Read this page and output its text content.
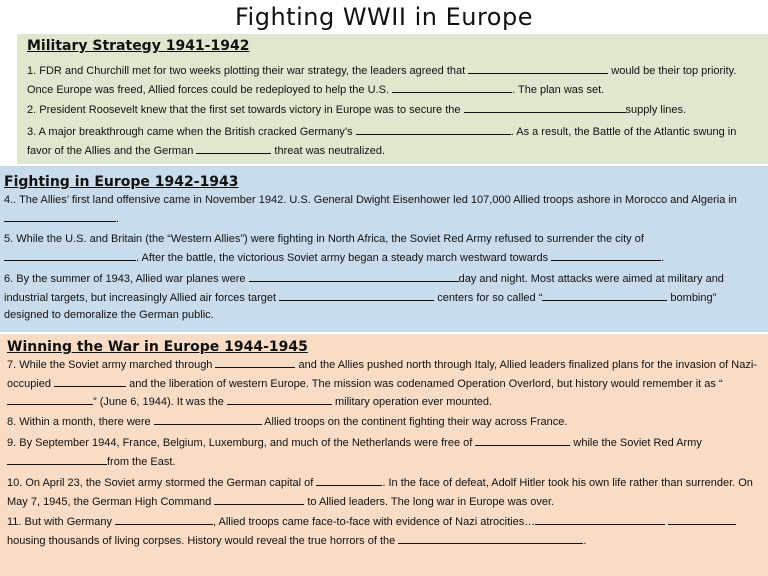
Fighting WWII in Europe
Military Strategy 1941-1942
Fighting in Europe 1942-1943
Winning the War in Europe 1944-1945

1. FDR and Churchill met for two weeks plotting their war strategy, the leaders agreed that	would be their top priority. Once Europe was freed, Allied forces could be redeployed to help the U.S.	. The plan was set.

2. President Roosevelt knew that the first set towards victory in Europe was to secure the	supply lines.

3. A major breakthrough came when the British cracked Germany’s	. As a result, the Battle of the Atlantic swung in favor of the Allies and the German	threat was neutralized.

4.. The Allies’ first land offensive came in November 1942. U.S. General Dwight Eisenhower led 107,000 Allied troops ashore in Morocco and Algeria in .

5. While the U.S. and Britain (the “Western Allies”) were fighting in North Africa, the Soviet Red Army refused to surrender the city of . After the battle, the victorious Soviet army began a steady march westward towards	.

6. By the summer of 1943, Allied war planes were	day and night. Most attacks were aimed at military and industrial targets, but increasingly Allied air forces target	centers for so called “	bombing” designed to demoralize the German public.

7. While the Soviet army marched through	and the Allies pushed north through Italy, Allied leaders finalized plans for the invasion of Nazi-occupied	and the liberation of western Europe. The mission was codenamed Operation Overlord, but history would remember it as “” (June 6, 1944). It was the	military operation ever mounted.

8. Within a month, there were	Allied troops on the continent fighting their way across France.

9. By September 1944, France, Belgium, Luxemburg, and much of the Netherlands were free of	while the Soviet Red Army from the East.

10. On April 23, the Soviet army stormed the German capital of	. In the face of defeat, Adolf Hitler took his own life rather than surrender. On May 7, 1945, the German High Command	to Allied leaders. The long war in Europe was over.

11. But with Germany	, Allied troops came face-to-face with evidence of Nazi atrocities…  housing thousands of living corpses. History would reveal the true horrors of the	.
